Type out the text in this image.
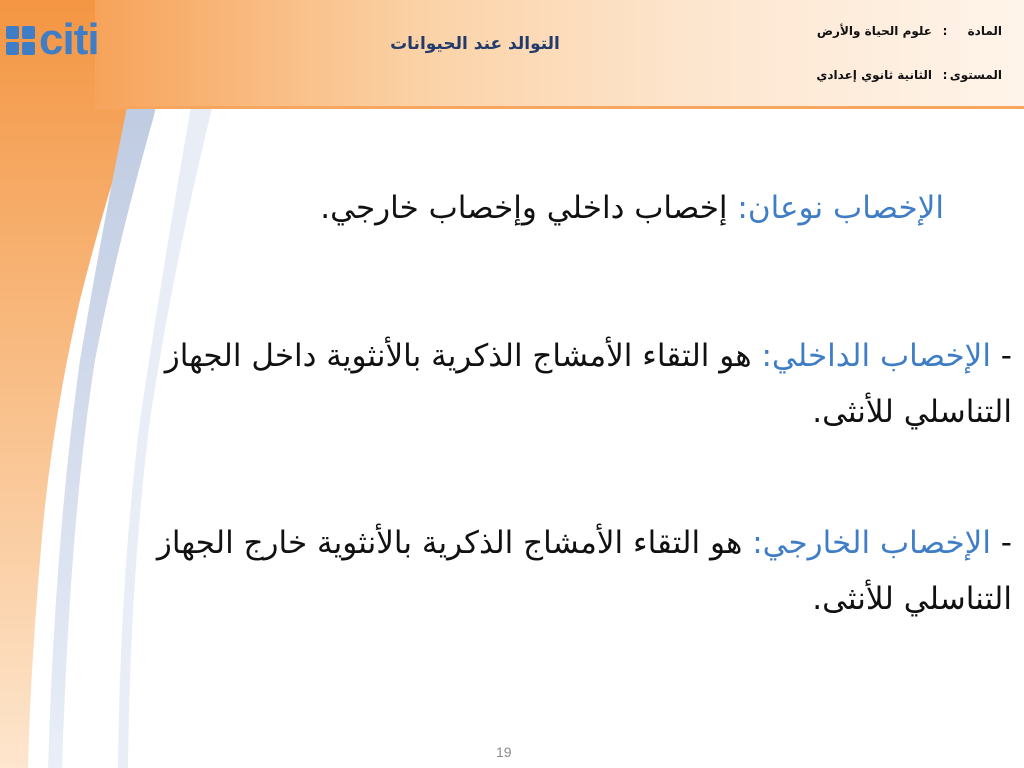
citi	التوالد عند الحيوانات
المادة
:
علوم الحياة والأرض
المستوى
:
الثانية ثانوي إعدادي
الإخصاب نوعان: إخصاب داخلي وإخصاب خارجي.
- الإخصاب الداخلي: هو التقاء الأمشاج الذكرية بالأنثوية داخل الجهاز التناسلي للأنثى.
- الإخصاب الخارجي: هو التقاء الأمشاج الذكرية بالأنثوية خارج الجهاز التناسلي للأنثى.
19
